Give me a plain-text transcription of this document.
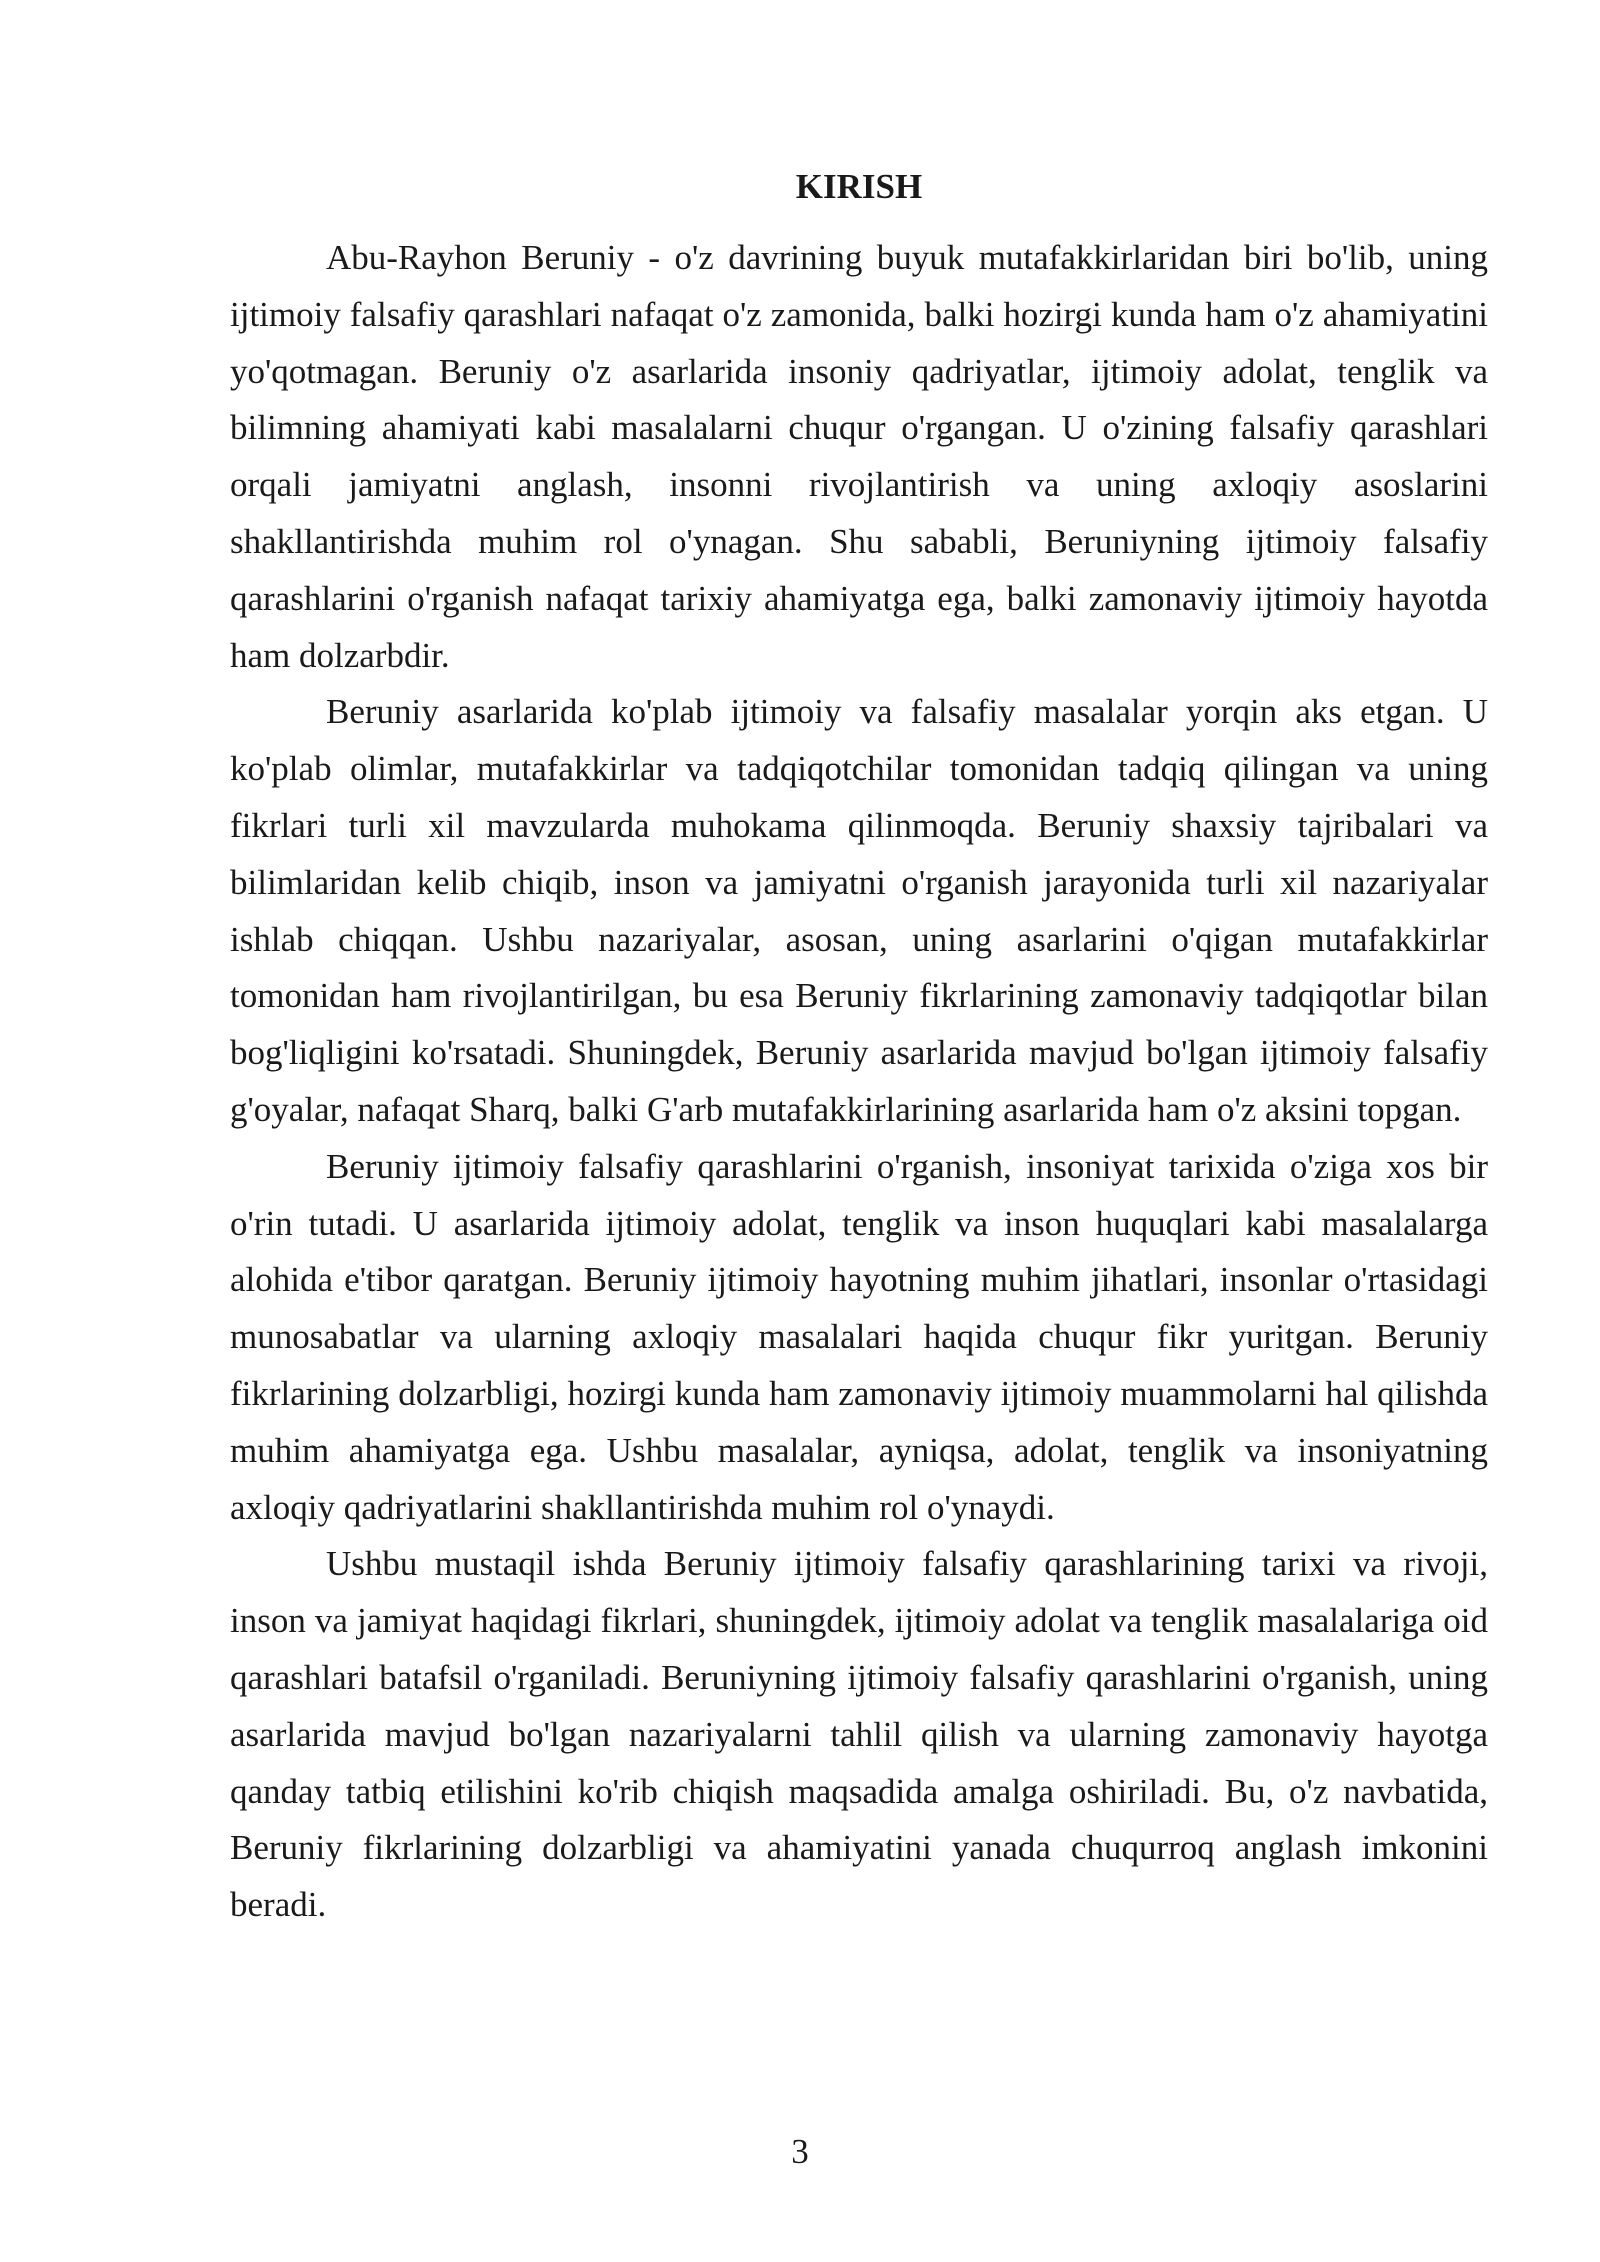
KIRISH

Abu-Rayhon Beruniy - o'z davrining buyuk mutafakkirlaridan biri bo'lib, uning ijtimoiy falsafiy qarashlari nafaqat o'z zamonida, balki hozirgi kunda ham o'z ahamiyatini yo'qotmagan. Beruniy o'z asarlarida insoniy qadriyatlar, ijtimoiy adolat, tenglik va bilimning ahamiyati kabi masalalarni chuqur o'rgangan. U o'zining falsafiy qarashlari orqali jamiyatni anglash, insonni rivojlantirish va uning axloqiy asoslarini shakllantirishda muhim rol o'ynagan. Shu sababli, Beruniyning ijtimoiy falsafiy qarashlarini o'rganish nafaqat tarixiy ahamiyatga ega, balki zamonaviy ijtimoiy hayotda ham dolzarbdir.

Beruniy asarlarida ko'plab ijtimoiy va falsafiy masalalar yorqin aks etgan. U ko'plab olimlar, mutafakkirlar va tadqiqotchilar tomonidan tadqiq qilingan va uning fikrlari turli xil mavzularda muhokama qilinmoqda. Beruniy shaxsiy tajribalari va bilimlaridan kelib chiqib, inson va jamiyatni o'rganish jarayonida turli xil nazariyalar ishlab chiqqan. Ushbu nazariyalar, asosan, uning asarlarini o'qigan mutafakkirlar tomonidan ham rivojlantirilgan, bu esa Beruniy fikrlarining zamonaviy tadqiqotlar bilan bog'liqligini ko'rsatadi. Shuningdek, Beruniy asarlarida mavjud bo'lgan ijtimoiy falsafiy g'oyalar, nafaqat Sharq, balki G'arb mutafakkirlarining asarlarida ham o'z aksini topgan.

Beruniy ijtimoiy falsafiy qarashlarini o'rganish, insoniyat tarixida o'ziga xos bir o'rin tutadi. U asarlarida ijtimoiy adolat, tenglik va inson huquqlari kabi masalalarga alohida e'tibor qaratgan. Beruniy ijtimoiy hayotning muhim jihatlari, insonlar o'rtasidagi munosabatlar va ularning axloqiy masalalari haqida chuqur fikr yuritgan. Beruniy fikrlarining dolzarbligi, hozirgi kunda ham zamonaviy ijtimoiy muammolarni hal qilishda muhim ahamiyatga ega. Ushbu masalalar, ayniqsa, adolat, tenglik va insoniyatning axloqiy qadriyatlarini shakllantirishda muhim rol o'ynaydi.

Ushbu mustaqil ishda Beruniy ijtimoiy falsafiy qarashlarining tarixi va rivoji, inson va jamiyat haqidagi fikrlari, shuningdek, ijtimoiy adolat va tenglik masalalariga oid qarashlari batafsil o'rganiladi. Beruniyning ijtimoiy falsafiy qarashlarini o'rganish, uning asarlarida mavjud bo'lgan nazariyalarni tahlil qilish va ularning zamonaviy hayotga qanday tatbiq etilishini ko'rib chiqish maqsadida amalga oshiriladi. Bu, o'z navbatida, Beruniy fikrlarining dolzarbligi va ahamiyatini yanada chuqurroq anglash imkonini beradi.

3
